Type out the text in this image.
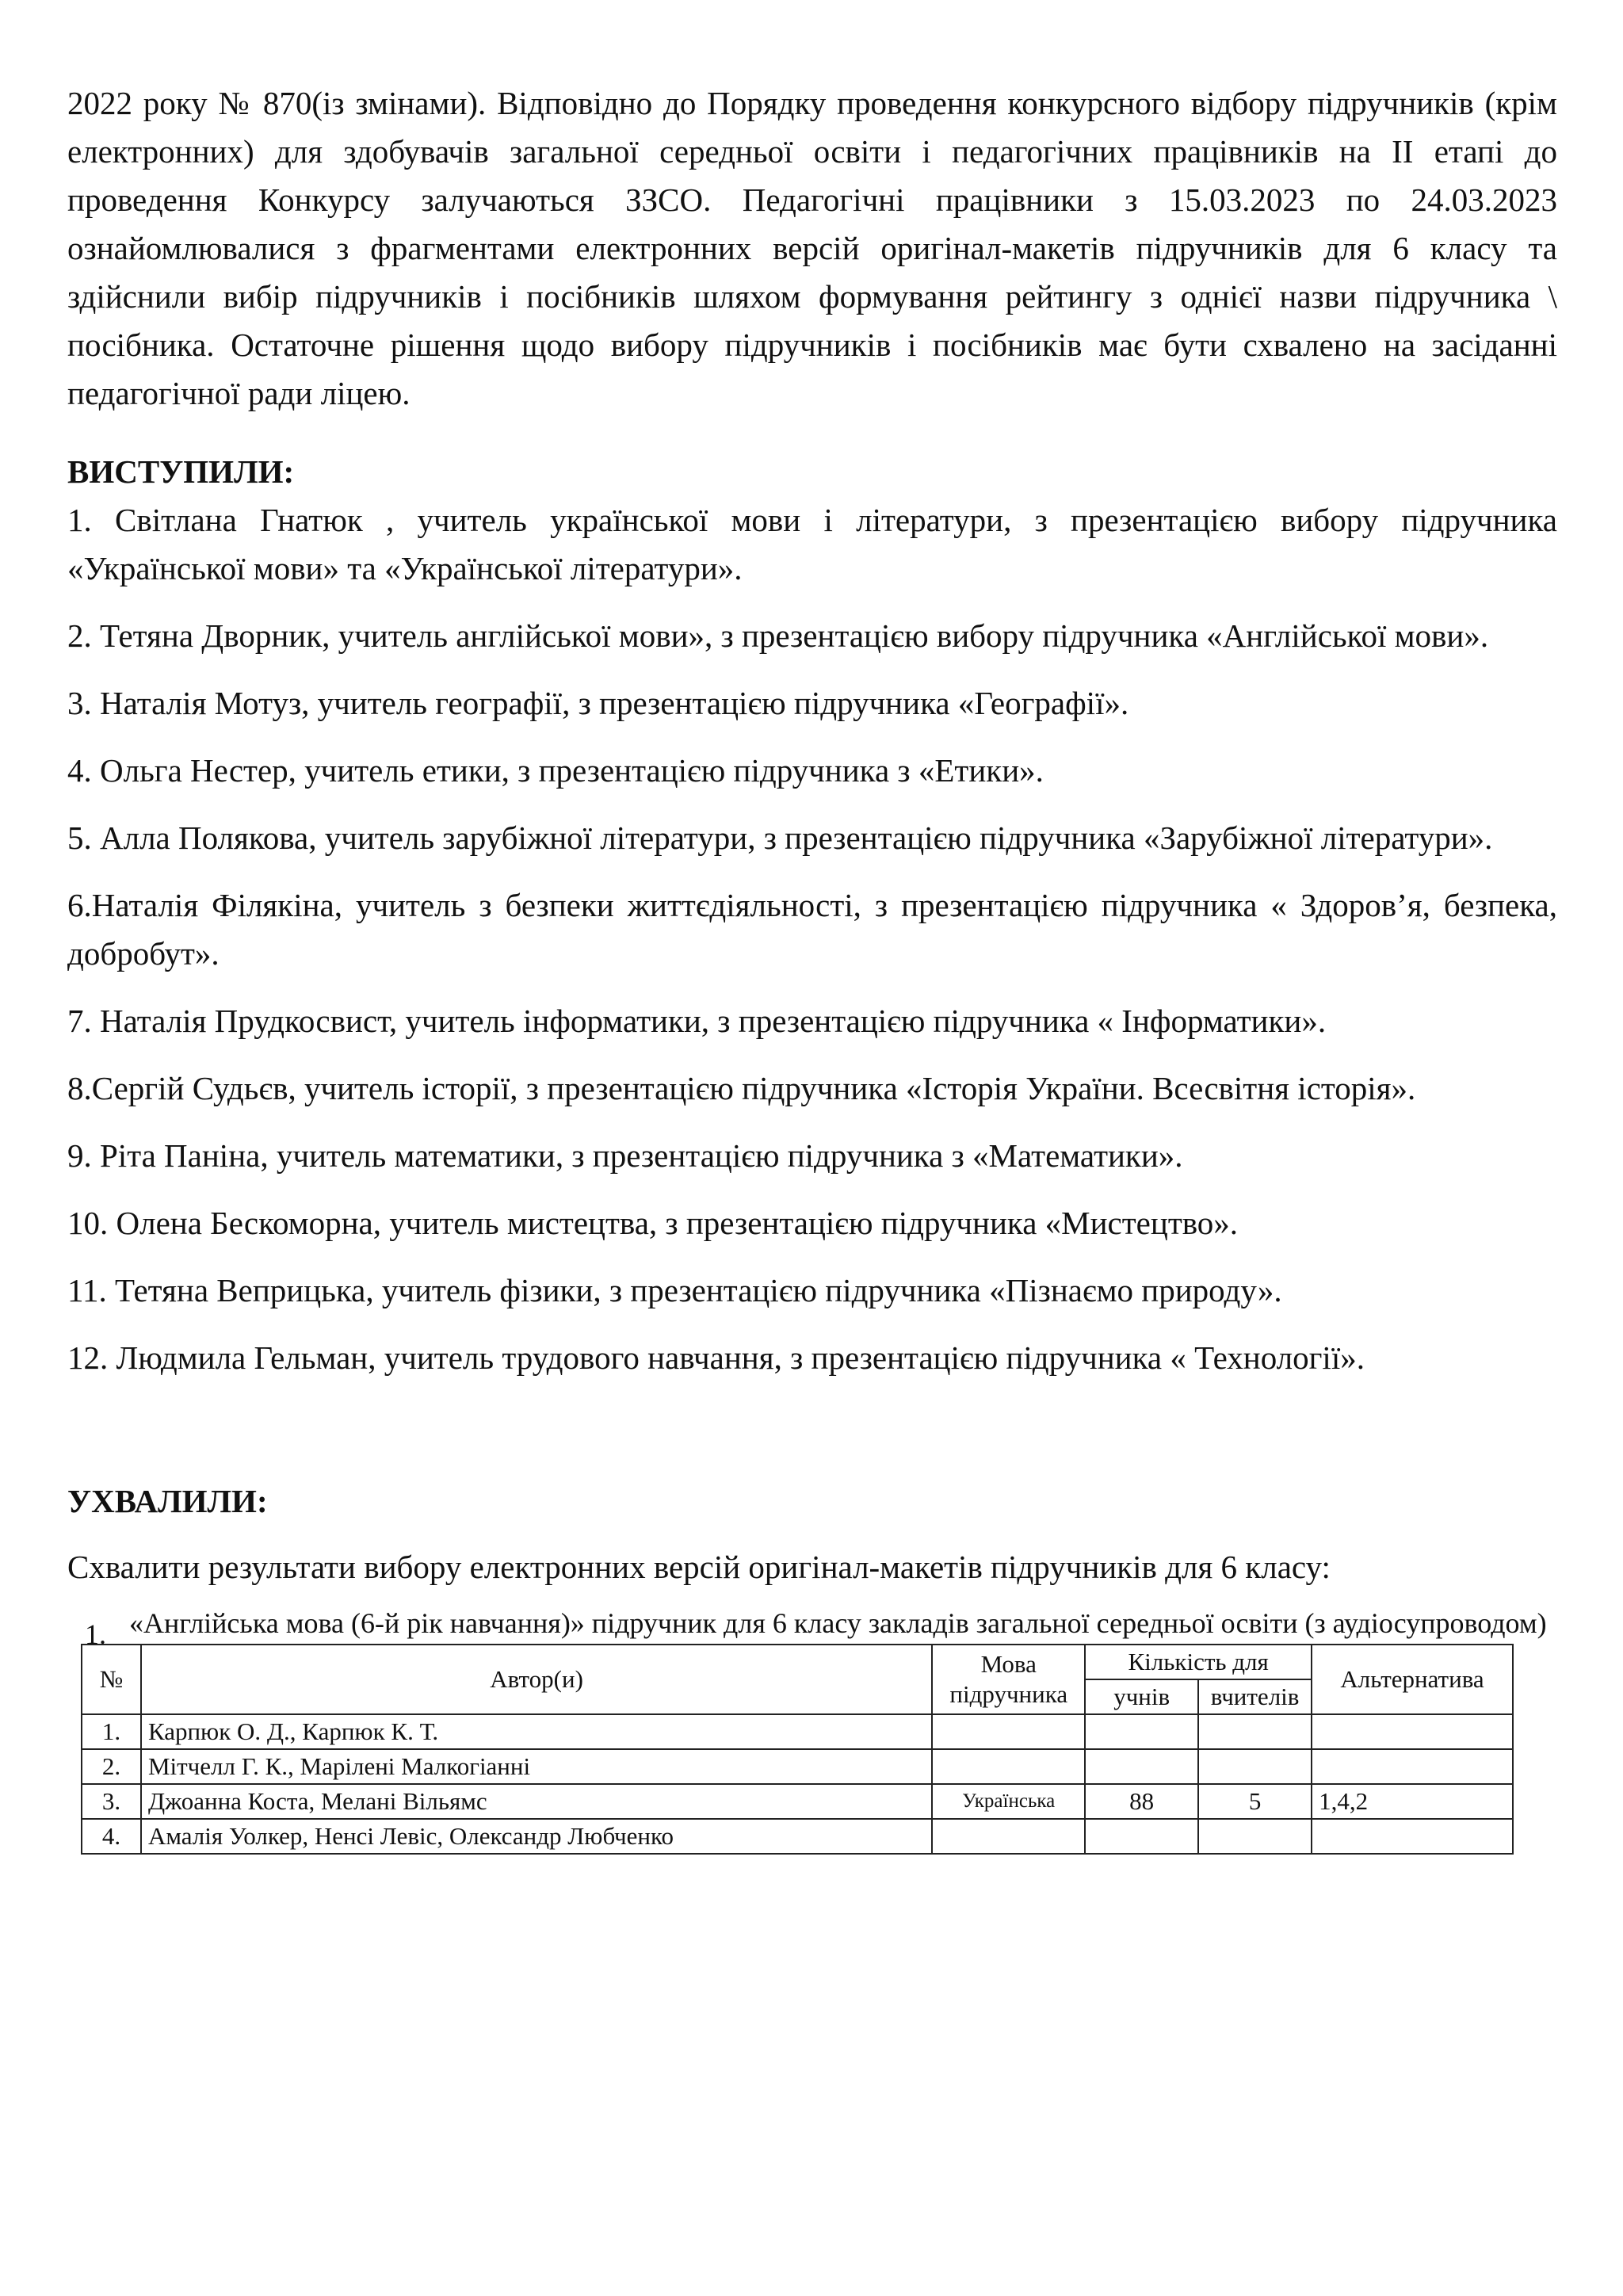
2022 року № 870(із змінами). Відповідно до Порядку проведення конкурсного відбору підручників (крім електронних) для здобувачів загальної середньої освіти і педагогічних працівників на ІІ етапі до проведення Конкурсу залучаються ЗЗСО. Педагогічні працівники з 15.03.2023 по 24.03.2023 ознайомлювалися з фрагментами електронних версій оригінал-макетів підручників для 6 класу та здійснили вибір підручників і посібників шляхом формування рейтингу з однієї назви підручника \ посібника. Остаточне рішення щодо вибору підручників і посібників має бути схвалено на засіданні педагогічної ради ліцею.

ВИСТУПИЛИ:

1. Світлана Гнатюк , учитель української мови і літератури, з презентацією вибору підручника «Української мови» та «Української літератури».

2. Тетяна Дворник, учитель англійської мови», з презентацією вибору підручника «Англійської мови».

3. Наталія Мотуз, учитель географії, з презентацією підручника «Географії».

4. Ольга Нестер, учитель етики, з презентацією підручника з «Етики».

5. Алла Полякова, учитель зарубіжної літератури, з презентацією підручника «Зарубіжної літератури».

6.Наталія Філякіна, учитель з безпеки життєдіяльності, з презентацією підручника « Здоров’я, безпека, добробут».

7. Наталія Прудкосвист, учитель інформатики, з презентацією підручника « Інформатики».

8.Сергій Судьєв, учитель історії, з презентацією підручника «Історія України. Всесвітня історія».

9. Ріта Паніна, учитель математики, з презентацією підручника з «Математики».

10. Олена Бескоморна, учитель мистецтва, з презентацією підручника «Мистецтво».

11. Тетяна Веприцька, учитель фізики, з презентацією підручника «Пізнаємо природу».

12. Людмила Гельман, учитель трудового навчання, з презентацією підручника « Технології».

УХВАЛИЛИ:

Схвалити результати вибору електронних версій оригінал-макетів підручників для 6 класу:

1. «Англійська мова (6-й рік навчання)» підручник для 6 класу закладів загальної середньої освіти (з аудіосупроводом)
№	Автор(и)	Мова підручника	Кількість для		Альтернатива
			учнів	вчителів	
1.	Карпюк О. Д., Карпюк К. Т.				
2.	Мітчелл Г. К., Марілені Малкогіанні				
3.	Джоанна Коста, Мелані Вільямс	Українська	88	5	1,4,2
4.	Амалія Уолкер, Ненсі Левіс, Олександр Любченко				
